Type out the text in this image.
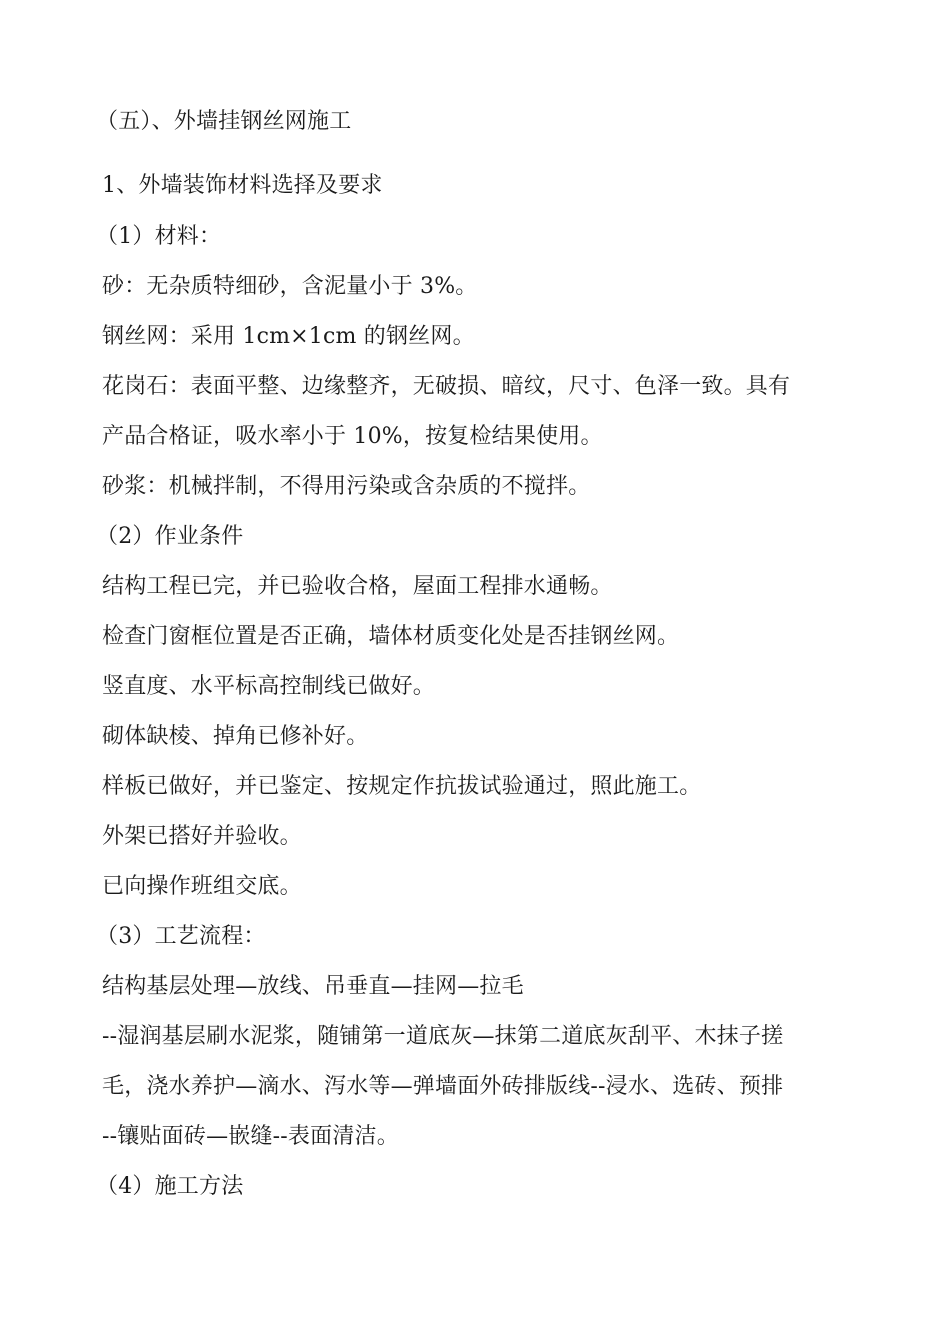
（五）、外墙挂钢丝网施工
1、外墙装饰材料选择及要求
（1）材料：
砂：无杂质特细砂，含泥量小于 3%。
钢丝网：采用 1cm×1cm 的钢丝网。
花岗石：表面平整、边缘整齐，无破损、暗纹，尺寸、色泽一致。具有
产品合格证，吸水率小于 10%，按复检结果使用。
砂浆：机械拌制，不得用污染或含杂质的不搅拌。
（2）作业条件
结构工程已完，并已验收合格，屋面工程排水通畅。
检查门窗框位置是否正确，墙体材质变化处是否挂钢丝网。
竖直度、水平标高控制线已做好。
砌体缺棱、掉角已修补好。
样板已做好，并已鉴定、按规定作抗拔试验通过，照此施工。
外架已搭好并验收。
已向操作班组交底。
（3）工艺流程：
结构基层处理—放线、吊垂直—挂网—拉毛
--湿润基层刷水泥浆，随铺第一道底灰—抹第二道底灰刮平、木抹子搓
毛，浇水养护—滴水、泻水等—弹墙面外砖排版线--浸水、选砖、预排
--镶贴面砖—嵌缝--表面清洁。
（4）施工方法
